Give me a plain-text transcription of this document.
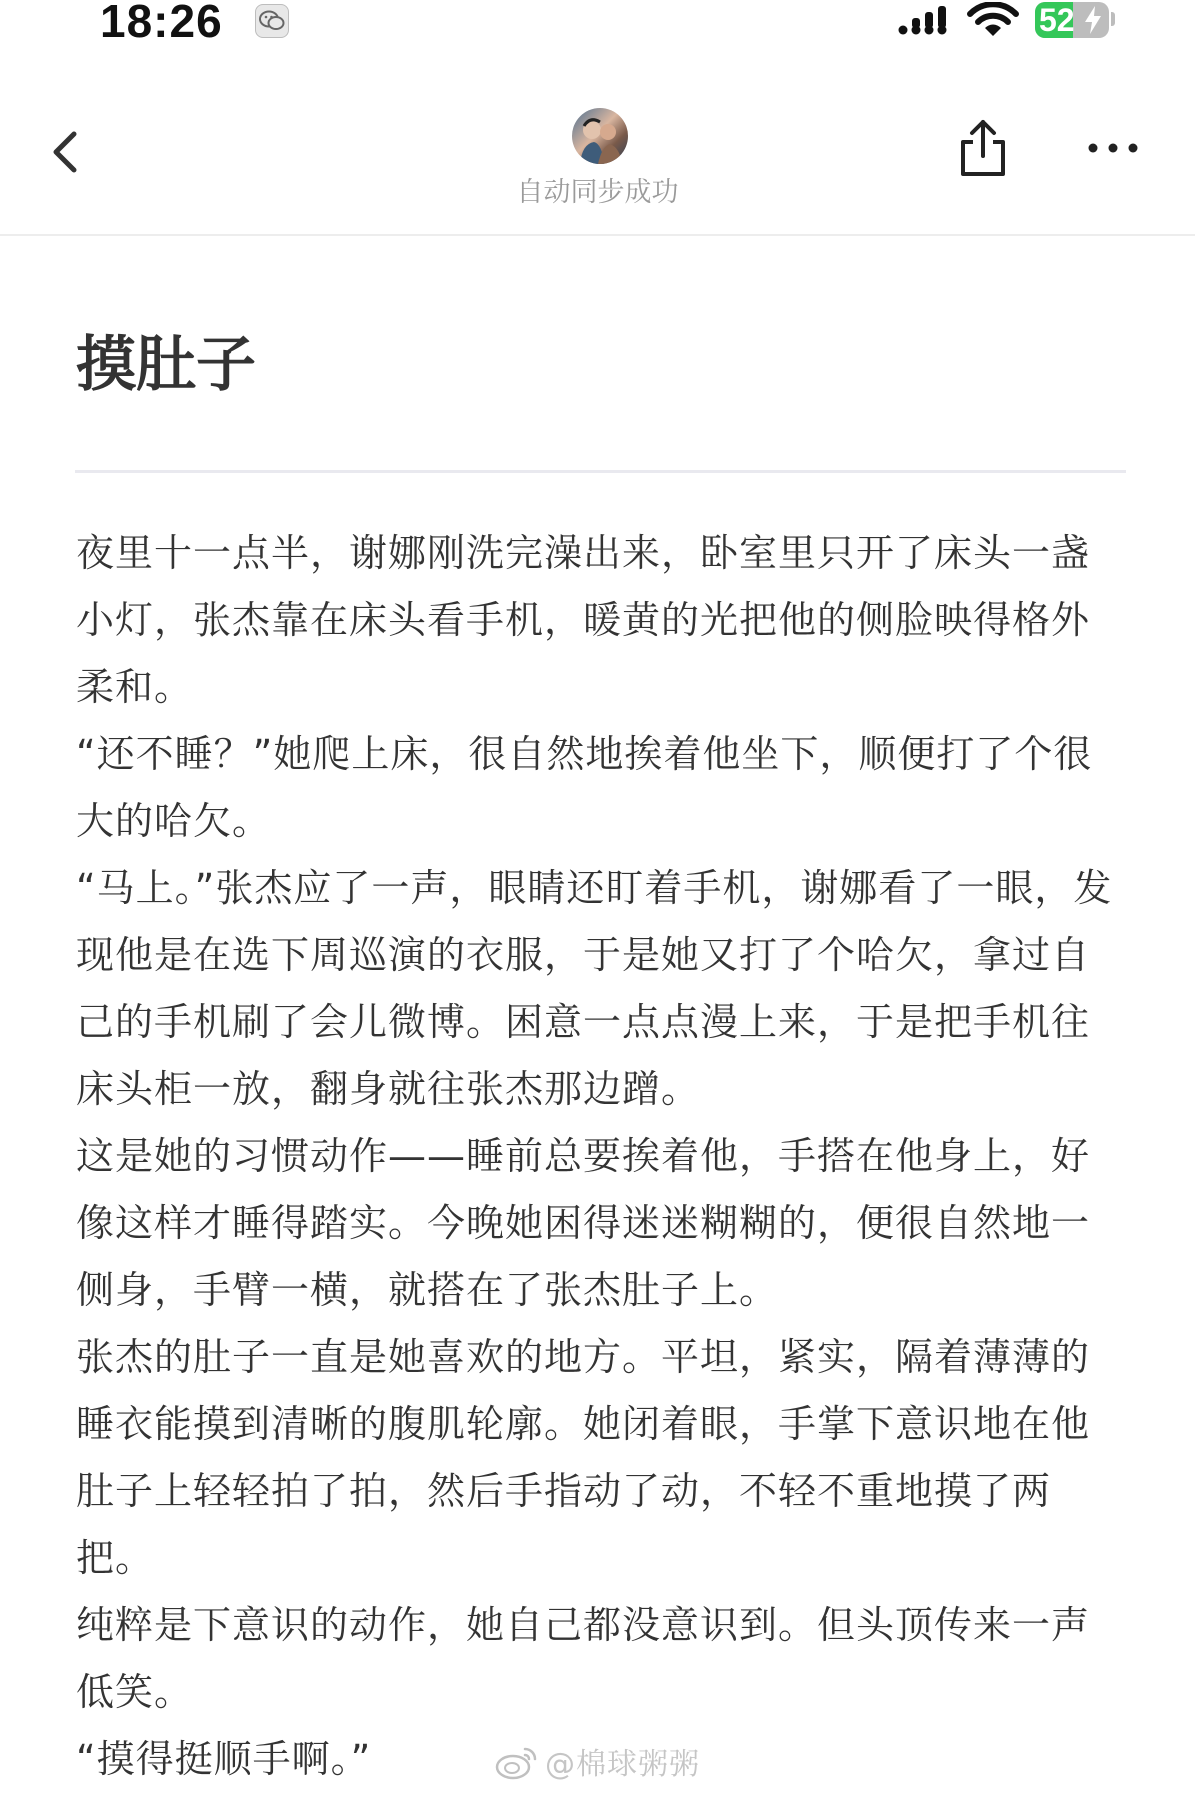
18:26	52
自动同步成功
摸肚子

夜里十一点半，谢娜刚洗完澡出来，卧室里只开了床头一盏小灯，张杰靠在床头看手机，暖黄的光把他的侧脸映得格外柔和。

“还不睡？”她爬上床，很自然地挨着他坐下，顺便打了个很大的哈欠。

“马上。”张杰应了一声，眼睛还盯着手机，谢娜看了一眼，发现他是在选下周巡演的衣服，于是她又打了个哈欠，拿过自己的手机刷了会儿微博。困意一点点漫上来，于是把手机往床头柜一放，翻身就往张杰那边蹭。

这是她的习惯动作——睡前总要挨着他，手搭在他身上，好像这样才睡得踏实。今晚她困得迷迷糊糊的，便很自然地一侧身，手臂一横，就搭在了张杰肚子上。

张杰的肚子一直是她喜欢的地方。平坦，紧实，隔着薄薄的睡衣能摸到清晰的腹肌轮廓。她闭着眼，手掌下意识地在他肚子上轻轻拍了拍，然后手指动了动，不轻不重地摸了两把。

纯粹是下意识的动作，她自己都没意识到。但头顶传来一声低笑。

“摸得挺顺手啊。”	@棉球粥粥
